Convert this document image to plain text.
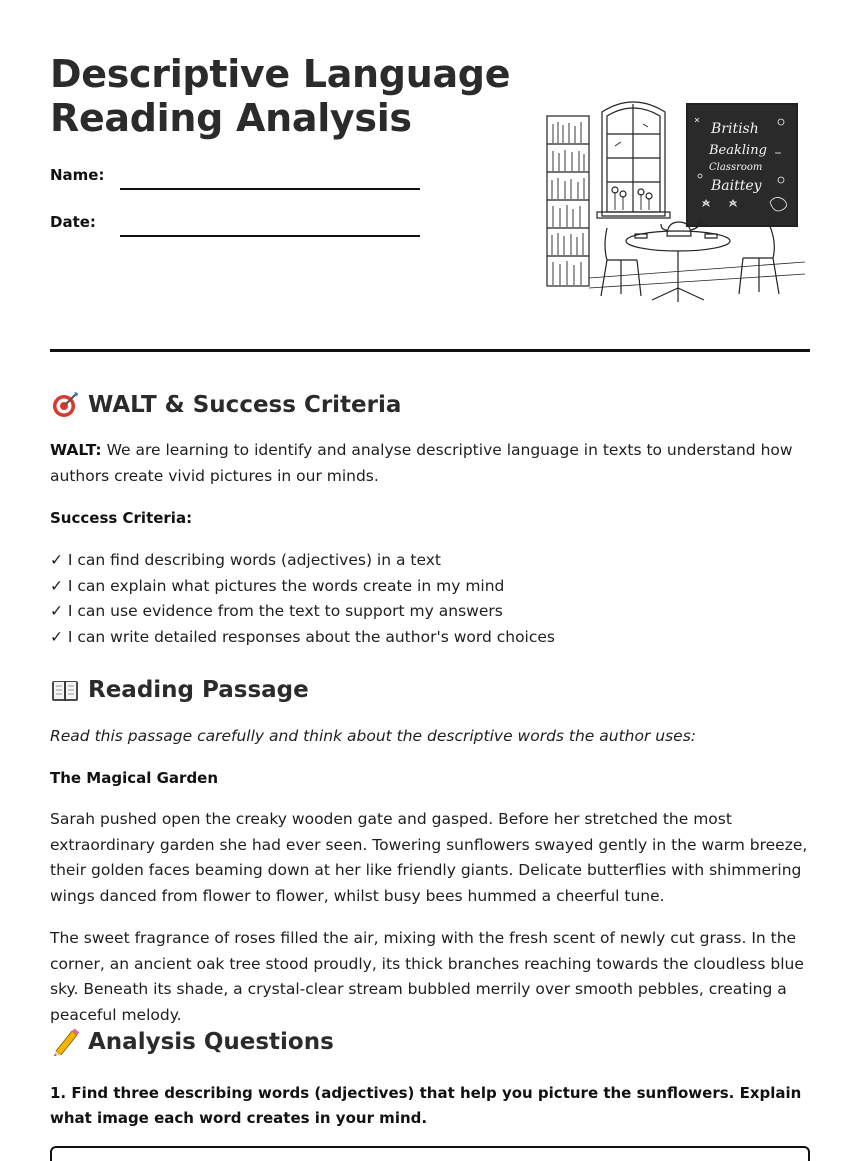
Descriptive Language
Reading Analysis
Name:
Date:
British
Beakling
Classroom
Baittey
WALT & Success Criteria

WALT: We are learning to identify and analyse descriptive language in texts to understand how authors create vivid pictures in our minds.

Success Criteria:
✓ I can find describing words (adjectives) in a text
✓ I can explain what pictures the words create in my mind
✓ I can use evidence from the text to support my answers
✓ I can write detailed responses about the author's word choices
Reading Passage

Read this passage carefully and think about the descriptive words the author uses:

The Magical Garden

Sarah pushed open the creaky wooden gate and gasped. Before her stretched the most extraordinary garden she had ever seen. Towering sunflowers swayed gently in the warm breeze, their golden faces beaming down at her like friendly giants. Delicate butterflies with shimmering wings danced from flower to flower, whilst busy bees hummed a cheerful tune.

The sweet fragrance of roses filled the air, mixing with the fresh scent of newly cut grass. In the corner, an ancient oak tree stood proudly, its thick branches reaching towards the cloudless blue sky. Beneath its shade, a crystal-clear stream bubbled merrily over smooth pebbles, creating a peaceful melody.

Analysis Questions

1. Find three describing words (adjectives) that help you picture the sunflowers. Explain what image each word creates in your mind.
